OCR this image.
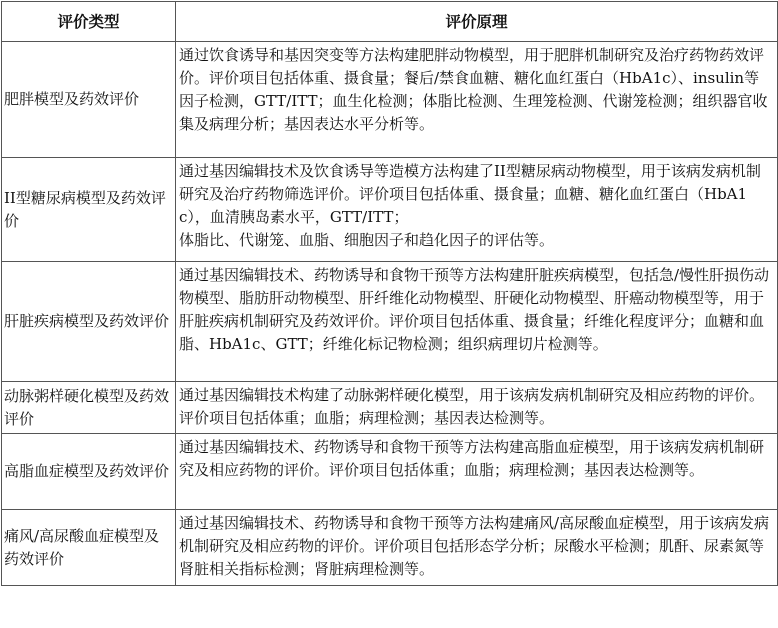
评价类型	评价原理
肥胖模型及药效评价	通过饮食诱导和基因突变等方法构建肥胖动物模型，用于肥胖机制研究及治疗药物药效评价。评价项目包括体重、摄食量；餐后/禁食血糖、糖化血红蛋白（HbA1c）、insulin等因子检测，GTT/ITT；血生化检测；体脂比检测、生理笼检测、代谢笼检测；组织器官收集及病理分析；基因表达水平分析等。
II型糖尿病模型及药效评价	通过基因编辑技术及饮食诱导等造模方法构建了II型糖尿病动物模型，用于该病发病机制研究及治疗药物筛选评价。评价项目包括体重、摄食量；血糖、糖化血红蛋白（HbA1c），血清胰岛素水平，GTT/ITT；
体脂比、代谢笼、血脂、细胞因子和趋化因子的评估等。

肝脏疾病模型及药效评价	通过基因编辑技术、药物诱导和食物干预等方法构建肝脏疾病模型，包括急/慢性肝损伤动物模型、脂肪肝动物模型、肝纤维化动物模型、肝硬化动物模型、肝癌动物模型等，用于肝脏疾病机制研究及药效评价。评价项目包括体重、摄食量；纤维化程度评分；血糖和血脂、HbA1c、GTT；纤维化标记物检测；组织病理切片检测等。
动脉粥样硬化模型及药效评价	通过基因编辑技术构建了动脉粥样硬化模型，用于该病发病机制研究及相应药物的评价。评价项目包括体重；血脂；病理检测；基因表达检测等。
高脂血症模型及药效评价	通过基因编辑技术、药物诱导和食物干预等方法构建高脂血症模型，用于该病发病机制研究及相应药物的评价。评价项目包括体重；血脂；病理检测；基因表达检测等。
痛风/高尿酸血症模型及药效评价	通过基因编辑技术、药物诱导和食物干预等方法构建痛风/高尿酸血症模型，用于该病发病机制研究及相应药物的评价。评价项目包括形态学分析；尿酸水平检测；肌酐、尿素氮等肾脏相关指标检测；肾脏病理检测等。
